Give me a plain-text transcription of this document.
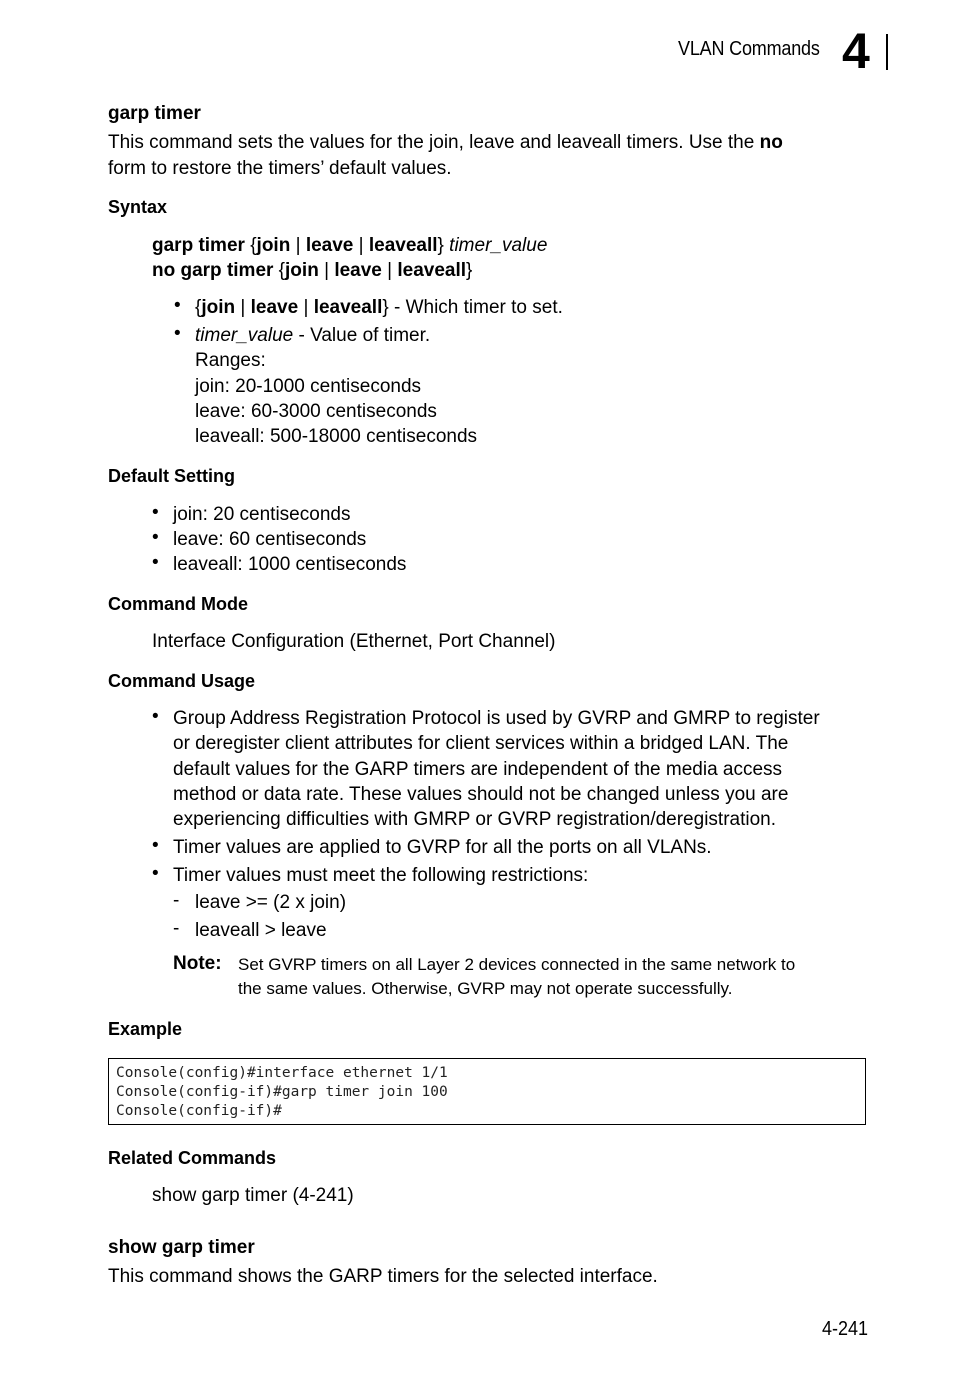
VLAN Commands 4
garp timer
This command sets the values for the join, leave and leaveall timers. Use the no
form to restore the timers’ default values.
Syntax
garp timer {join | leave | leaveall} timer_value
no garp timer {join | leave | leaveall}
• {join | leave | leaveall} - Which timer to set.
• timer_value - Value of timer.
Ranges:
join: 20-1000 centiseconds
leave: 60-3000 centiseconds
leaveall: 500-18000 centiseconds
Default Setting
• join: 20 centiseconds
• leave: 60 centiseconds
• leaveall: 1000 centiseconds
Command Mode
Interface Configuration (Ethernet, Port Channel)
Command Usage
• Group Address Registration Protocol is used by GVRP and GMRP to register
or deregister client attributes for client services within a bridged LAN. The
default values for the GARP timers are independent of the media access
method or data rate. These values should not be changed unless you are
experiencing difficulties with GMRP or GVRP registration/deregistration.
• Timer values are applied to GVRP for all the ports on all VLANs.
• Timer values must meet the following restrictions:
- leave >= (2 x join)
- leaveall > leave
Note: Set GVRP timers on all Layer 2 devices connected in the same network to
the same values. Otherwise, GVRP may not operate successfully.
Example
Console(config)#interface ethernet 1/1
Console(config-if)#garp timer join 100
Console(config-if)#
Related Commands
show garp timer (4-241)
show garp timer
This command shows the GARP timers for the selected interface.
4-241
